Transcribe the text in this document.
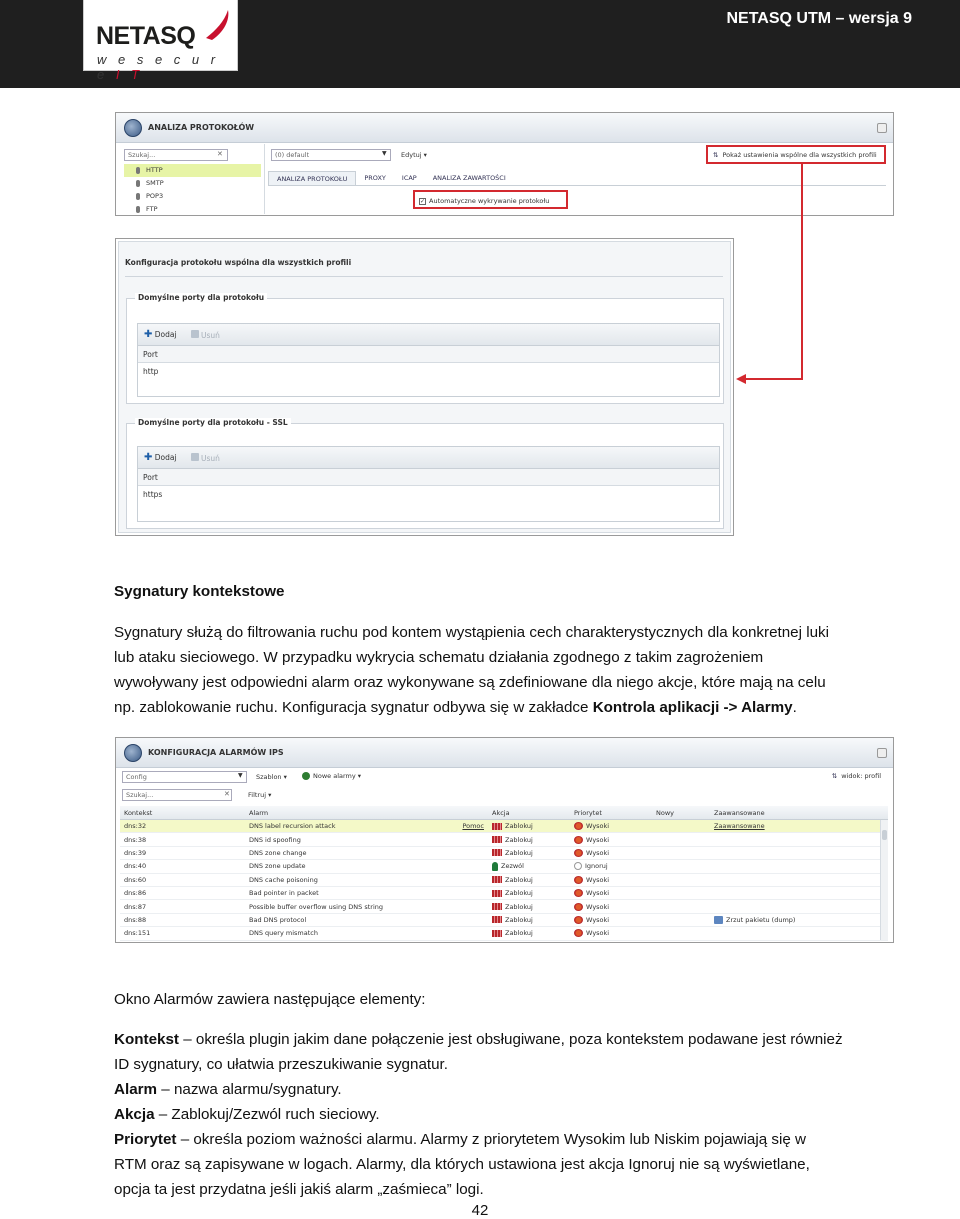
NETASQ
w e s e c u r e I T
NETASQ UTM – wersja 9
ANALIZA PROTOKOŁÓW
Szukaj...	✕
HTTP
SMTP
POP3
FTP
(0) default	▼ Edytuj ▾	⇅ Pokaż ustawienia wspólne dla wszystkich profili
ANALIZA PROTOKOŁU	PROXY	ICAP	ANALIZA ZAWARTOŚCI
✓ Automatyczne wykrywanie protokołu
Konfiguracja protokołu wspólna dla wszystkich profili
Domyślne porty dla protokołu
✚ Dodaj	Usuń
Port
http
Domyślne porty dla protokołu - SSL
✚ Dodaj	Usuń
Port
https
Sygnatury kontekstowe
Sygnatury służą do filtrowania ruchu pod kontem wystąpienia cech charakterystycznych dla konkretnej luki
lub ataku sieciowego. W przypadku wykrycia schematu działania zgodnego z takim zagrożeniem
wywoływany jest odpowiedni alarm oraz wykonywane są zdefiniowane dla niego akcje, które mają na celu
np. zablokowanie ruchu. Konfiguracja sygnatur odbywa się w zakładce Kontrola aplikacji -> Alarmy.
KONFIGURACJA ALARMÓW IPS
Config	▼ Szablon ▾	Nowe alarmy ▾	⇅ widok: profil
Szukaj...	✕	Filtruj ▾
Kontekst	Alarm	Akcja	Priorytet	Nowy	Zaawansowane
dns:32	DNS label recursion attack	Pomoc	Zablokuj	Wysoki	Zaawansowane
dns:38	DNS id spoofing	Zablokuj	Wysoki
dns:39	DNS zone change	Zablokuj	Wysoki
dns:40	DNS zone update	Zezwól	Ignoruj
dns:60	DNS cache poisoning	Zablokuj	Wysoki
dns:86	Bad pointer in packet	Zablokuj	Wysoki
dns:87	Possible buffer overflow using DNS string	Zablokuj	Wysoki
dns:88	Bad DNS protocol	Zablokuj	Wysoki	Zrzut pakietu (dump)
dns:151	DNS query mismatch	Zablokuj	Wysoki
Okno Alarmów zawiera następujące elementy:
Kontekst – określa plugin jakim dane połączenie jest obsługiwane, poza kontekstem podawane jest również
ID sygnatury, co ułatwia przeszukiwanie sygnatur.
Alarm – nazwa alarmu/sygnatury.
Akcja – Zablokuj/Zezwól ruch sieciowy.
Priorytet – określa poziom ważności alarmu. Alarmy z priorytetem Wysokim lub Niskim pojawiają się w
RTM oraz są zapisywane w logach. Alarmy, dla których ustawiona jest akcja Ignoruj nie są wyświetlane,
opcja ta jest przydatna jeśli jakiś alarm „zaśmieca” logi.
42
